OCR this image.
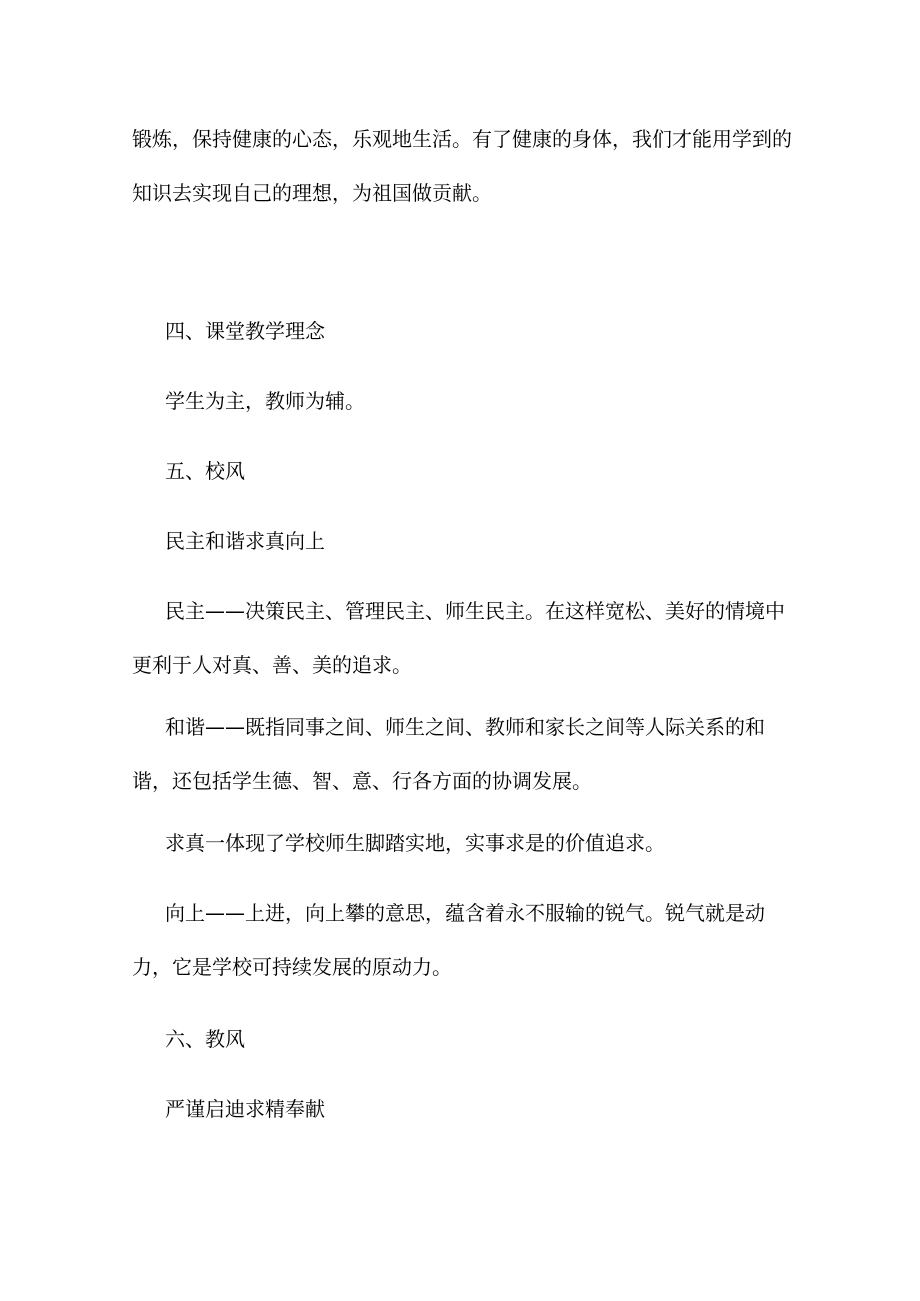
锻炼，保持健康的心态，乐观地生活。有了健康的身体，我们才能用学到的知识去实现自己的理想，为祖国做贡献。

四、课堂教学理念

学生为主，教师为辅。

五、校风

民主和谐求真向上

民主——决策民主、管理民主、师生民主。在这样宽松、美好的情境中更利于人对真、善、美的追求。

和谐——既指同事之间、师生之间、教师和家长之间等人际关系的和谐，还包括学生德、智、意、行各方面的协调发展。

求真一体现了学校师生脚踏实地，实事求是的价值追求。

向上——上进，向上攀的意思，蕴含着永不服输的锐气。锐气就是动力，它是学校可持续发展的原动力。

六、教风

严谨启迪求精奉献
